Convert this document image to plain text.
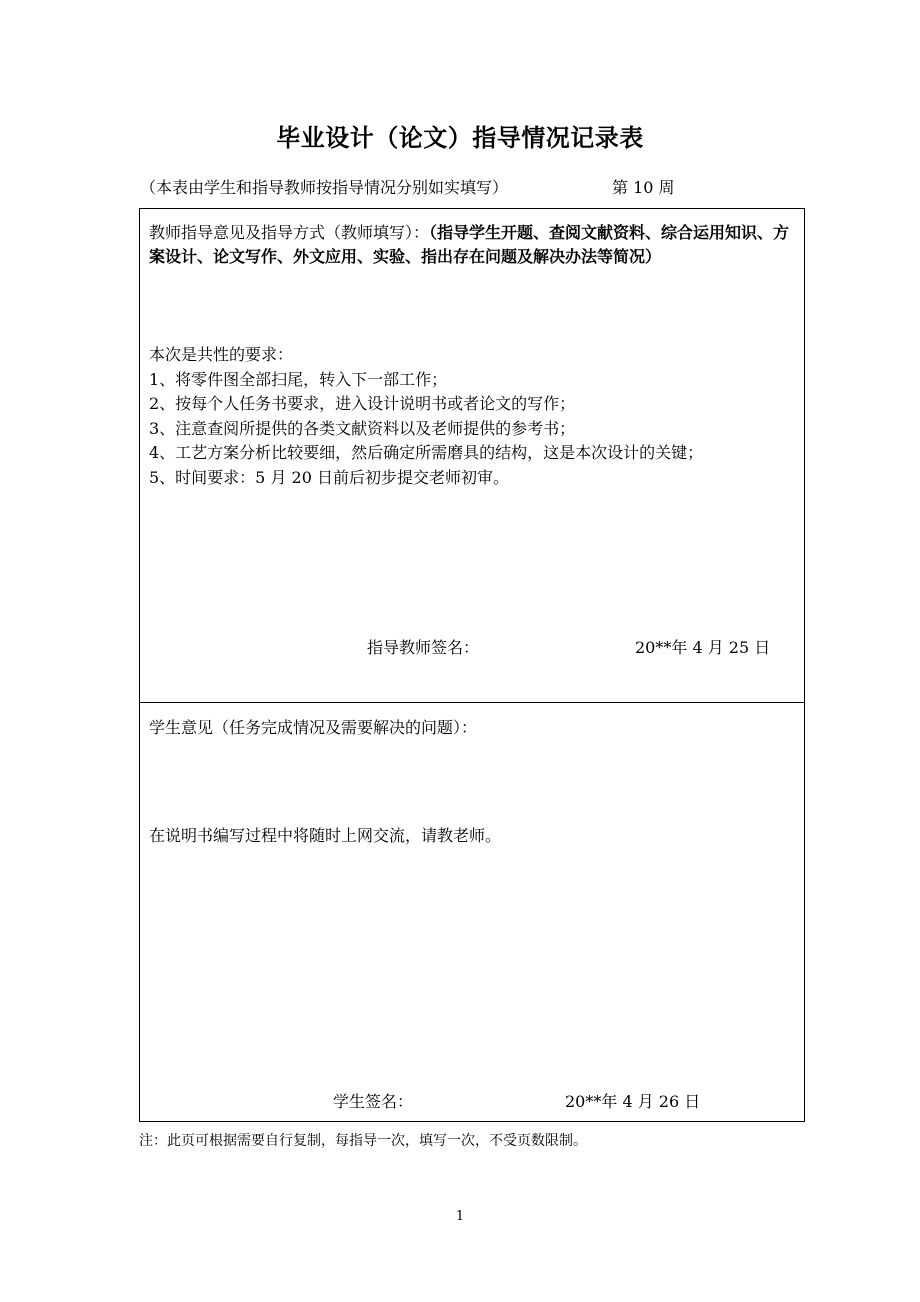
毕业设计（论文）指导情况记录表
（本表由学生和指导教师按指导情况分别如实填写）	第 10 周
教师指导意见及指导方式（教师填写）：（指导学生开题、查阅文献资料、综合运用知识、方案设计、论文写作、外文应用、实验、指出存在问题及解决办法等简况）
本次是共性的要求：
1、将零件图全部扫尾，转入下一部工作；
2、按每个人任务书要求，进入设计说明书或者论文的写作；
3、注意查阅所提供的各类文献资料以及老师提供的参考书；
4、工艺方案分析比较要细，然后确定所需磨具的结构，这是本次设计的关键；
5、时间要求：5 月 20 日前后初步提交老师初审。
指导教师签名：	20**年 4 月 25 日
学生意见（任务完成情况及需要解决的问题）：
在说明书编写过程中将随时上网交流，请教老师。
学生签名：	20**年 4 月 26 日
注：此页可根据需要自行复制，每指导一次，填写一次，不受页数限制。
1
